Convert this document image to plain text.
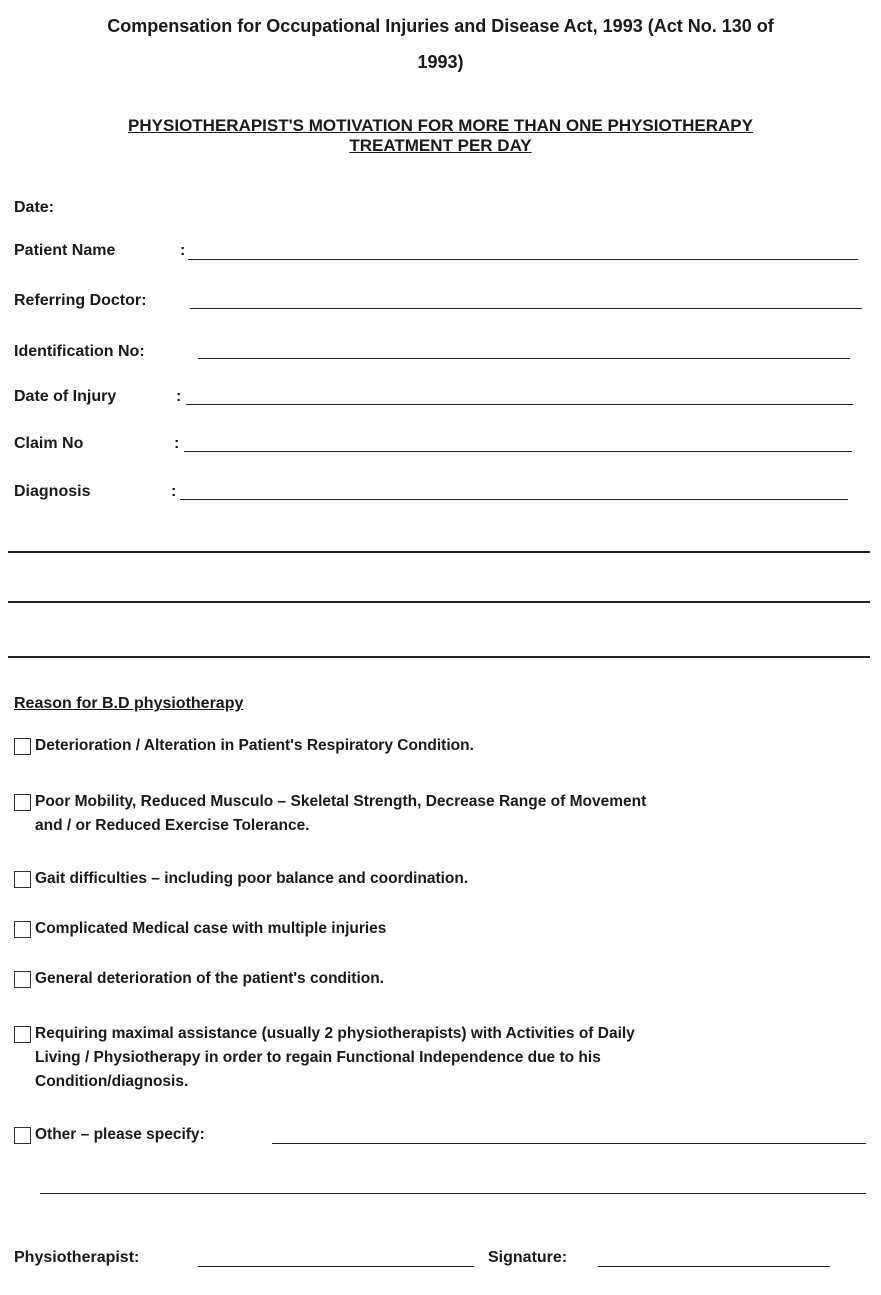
Compensation for Occupational Injuries and Disease Act, 1993 (Act No. 130 of
1993)
PHYSIOTHERAPIST'S MOTIVATION FOR MORE THAN ONE PHYSIOTHERAPY
TREATMENT PER DAY
Date:
Patient Name	:
Referring Doctor:
Identification No:
Date of Injury	:
Claim No	:
Diagnosis	:
Reason for B.D physiotherapy
Deterioration / Alteration in Patient's Respiratory Condition.
Poor Mobility, Reduced Musculo – Skeletal Strength, Decrease Range of Movement
and / or Reduced Exercise Tolerance.
Gait difficulties – including poor balance and coordination.
Complicated Medical case with multiple injuries
General deterioration of the patient's condition.
Requiring maximal assistance (usually 2 physiotherapists) with Activities of Daily
Living / Physiotherapy in order to regain Functional Independence due to his
Condition/diagnosis.
Other – please specify:
Physiotherapist:	Signature:
